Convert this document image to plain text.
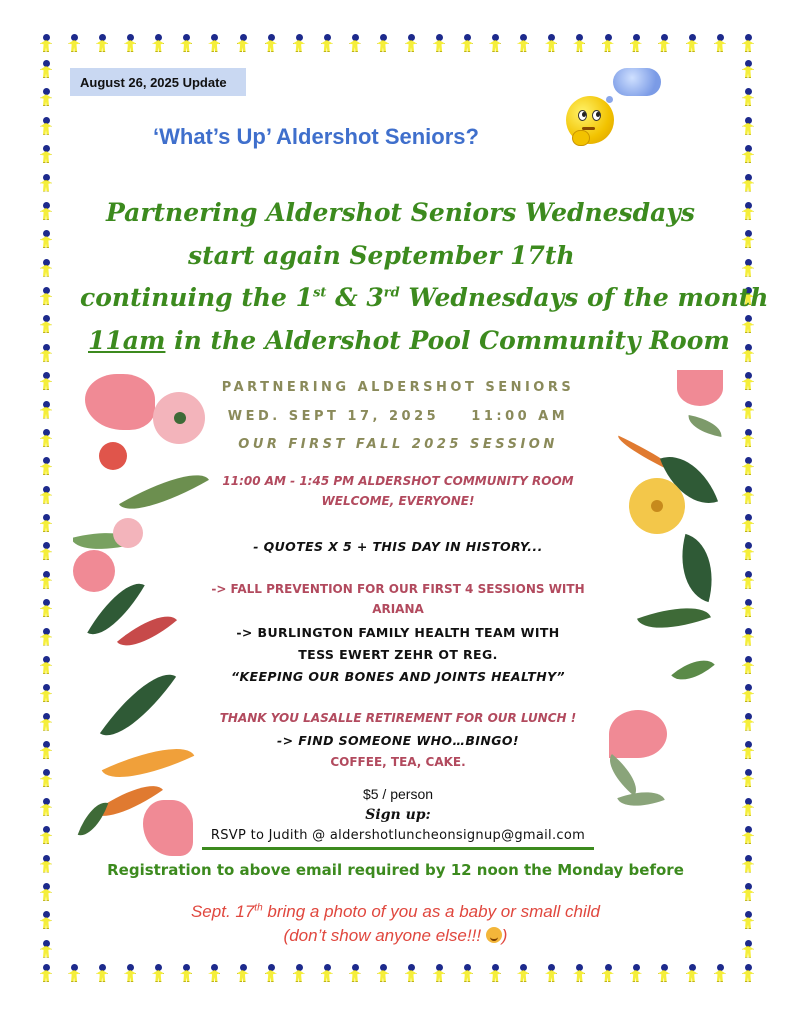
August 26, 2025 Update
‘What’s Up’ Aldershot Seniors?
Partnering Aldershot Seniors Wednesdays
start again September 17th
continuing the 1st & 3rd Wednesdays of the month
11am in the Aldershot Pool Community Room
PARTNERING ALDERSHOT SENIORS
WED. SEPT 17, 2025    11:00 AM
OUR FIRST FALL 2025 SESSION
11:00 AM - 1:45 PM ALDERSHOT COMMUNITY ROOM
WELCOME, EVERYONE!
- QUOTES X 5 + THIS DAY IN HISTORY...
-> FALL PREVENTION FOR OUR FIRST 4 SESSIONS WITH
ARIANA
-> BURLINGTON FAMILY HEALTH TEAM WITH
TESS EWERT ZEHR OT REG.
“KEEPING OUR BONES AND JOINTS HEALTHY”
THANK YOU LASALLE RETIREMENT FOR OUR LUNCH !
-> FIND SOMEONE WHO…BINGO!
COFFEE, TEA, CAKE.
$5 / person
Sign up:
RSVP to Judith @ aldershotluncheonsignup@gmail.com
Registration to above email required by 12 noon the Monday before
Sept. 17th bring a photo of you as a baby or small child
(don’t show anyone else!!! )
